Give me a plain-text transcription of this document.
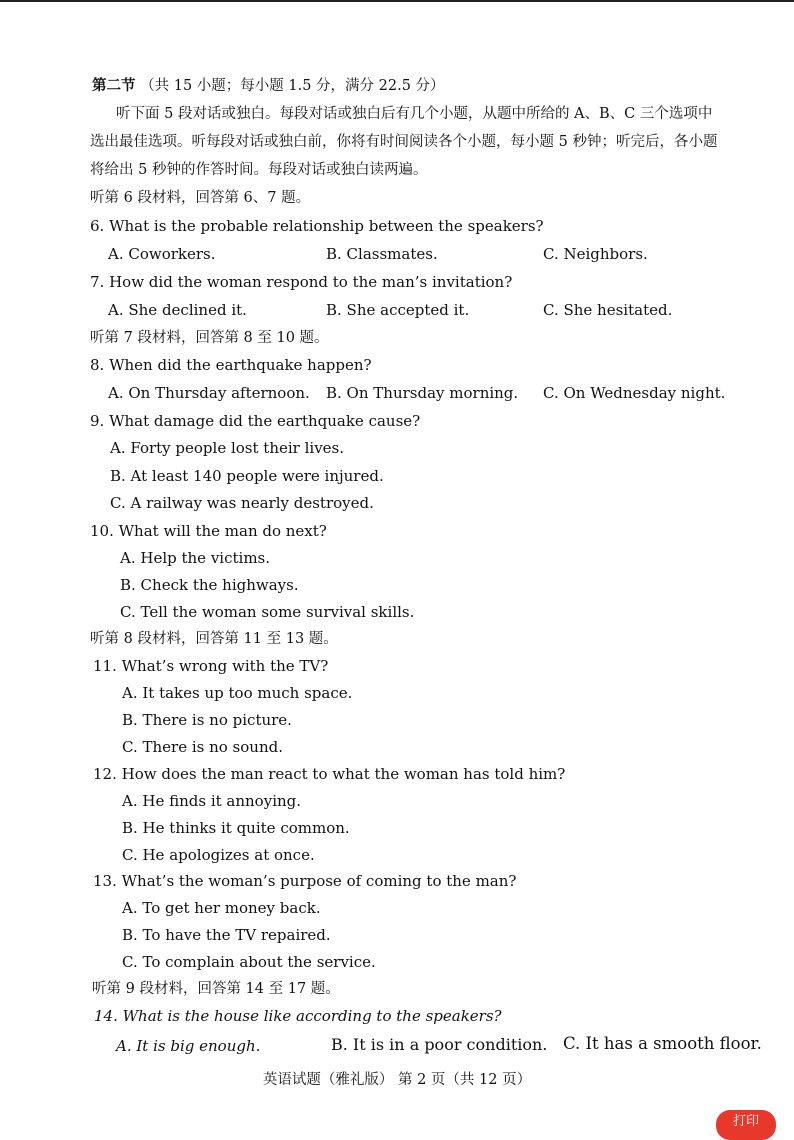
第二节 （共 15 小题；每小题 1.5 分，满分 22.5 分）
听下面 5 段对话或独白。每段对话或独白后有几个小题，从题中所给的 A、B、C 三个选项中
选出最佳选项。听每段对话或独白前，你将有时间阅读各个小题，每小题 5 秒钟；听完后，各小题
将给出 5 秒钟的作答时间。每段对话或独白读两遍。
听第 6 段材料，回答第 6、7 题。
6. What is the probable relationship between the speakers?
A. Coworkers.	B. Classmates.	C. Neighbors.
7. How did the woman respond to the man’s invitation?
A. She declined it.	B. She accepted it.	C. She hesitated.
听第 7 段材料，回答第 8 至 10 题。
8. When did the earthquake happen?
A. On Thursday afternoon. B. On Thursday morning. C. On Wednesday night.
9. What damage did the earthquake cause?
A. Forty people lost their lives.
B. At least 140 people were injured.
C. A railway was nearly destroyed.
10. What will the man do next?
A. Help the victims.
B. Check the highways.
C. Tell the woman some survival skills.
听第 8 段材料，回答第 11 至 13 题。
11. What’s wrong with the TV?
A. It takes up too much space.
B. There is no picture.
C. There is no sound.
12. How does the man react to what the woman has told him?
A. He finds it annoying.
B. He thinks it quite common.
C. He apologizes at once.
13. What’s the woman’s purpose of coming to the man?
A. To get her money back.
B. To have the TV repaired.
C. To complain about the service.
听第 9 段材料，回答第 14 至 17 题。
14. What is the house like according to the speakers?
A. It is big enough.	B. It is in a poor condition. C. It has a smooth floor.
英语试题（雅礼版） 第 2 页（共 12 页）
打印
